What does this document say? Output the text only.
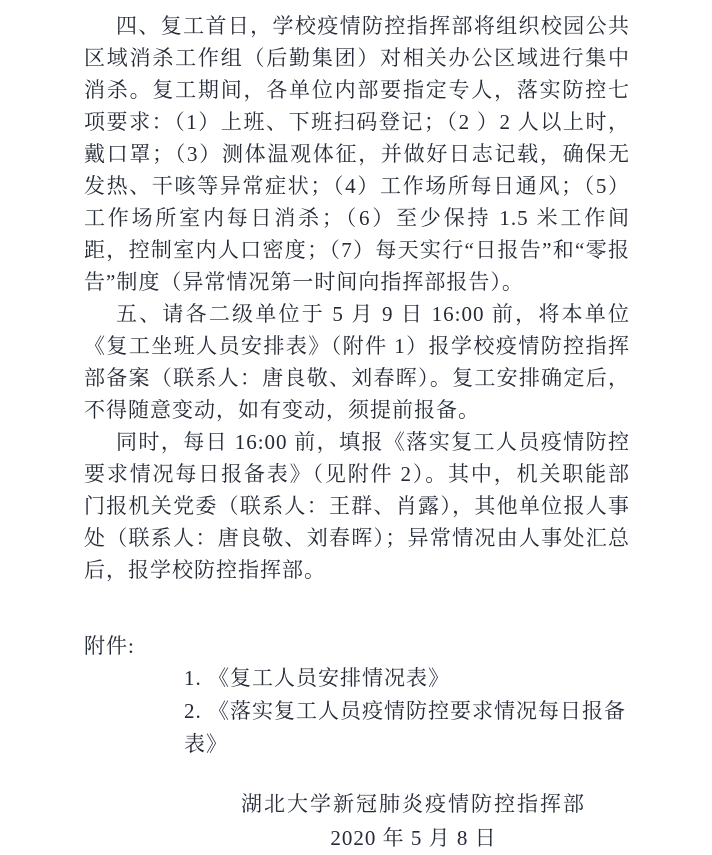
四、复工首日，学校疫情防控指挥部将组织校园公共区域消杀工作组（后勤集团）对相关办公区域进行集中消杀。复工期间，各单位内部要指定专人，落实防控七项要求：（1）上班、下班扫码登记；（2 ）2 人以上时，戴口罩；（3）测体温观体征，并做好日志记载，确保无发热、干咳等异常症状；（4）工作场所每日通风；（5）工作场所室内每日消杀；（6）至少保持 1.5 米工作间距，控制室内人口密度；（7）每天实行“日报告”和“零报告”制度（异常情况第一时间向指挥部报告）。

五、请各二级单位于 5 月 9 日 16:00 前，将本单位《复工坐班人员安排表》（附件 1）报学校疫情防控指挥部备案（联系人：唐良敬、刘春晖）。复工安排确定后，不得随意变动，如有变动，须提前报备。

同时，每日 16:00 前，填报《落实复工人员疫情防控要求情况每日报备表》（见附件 2）。其中，机关职能部门报机关党委（联系人：王群、肖露），其他单位报人事处（联系人：唐良敬、刘春晖）；异常情况由人事处汇总后，报学校防控指挥部。

附件:

1. 《复工人员安排情况表》

2. 《落实复工人员疫情防控要求情况每日报备表》

湖北大学新冠肺炎疫情防控指挥部

2020 年 5 月 8 日
